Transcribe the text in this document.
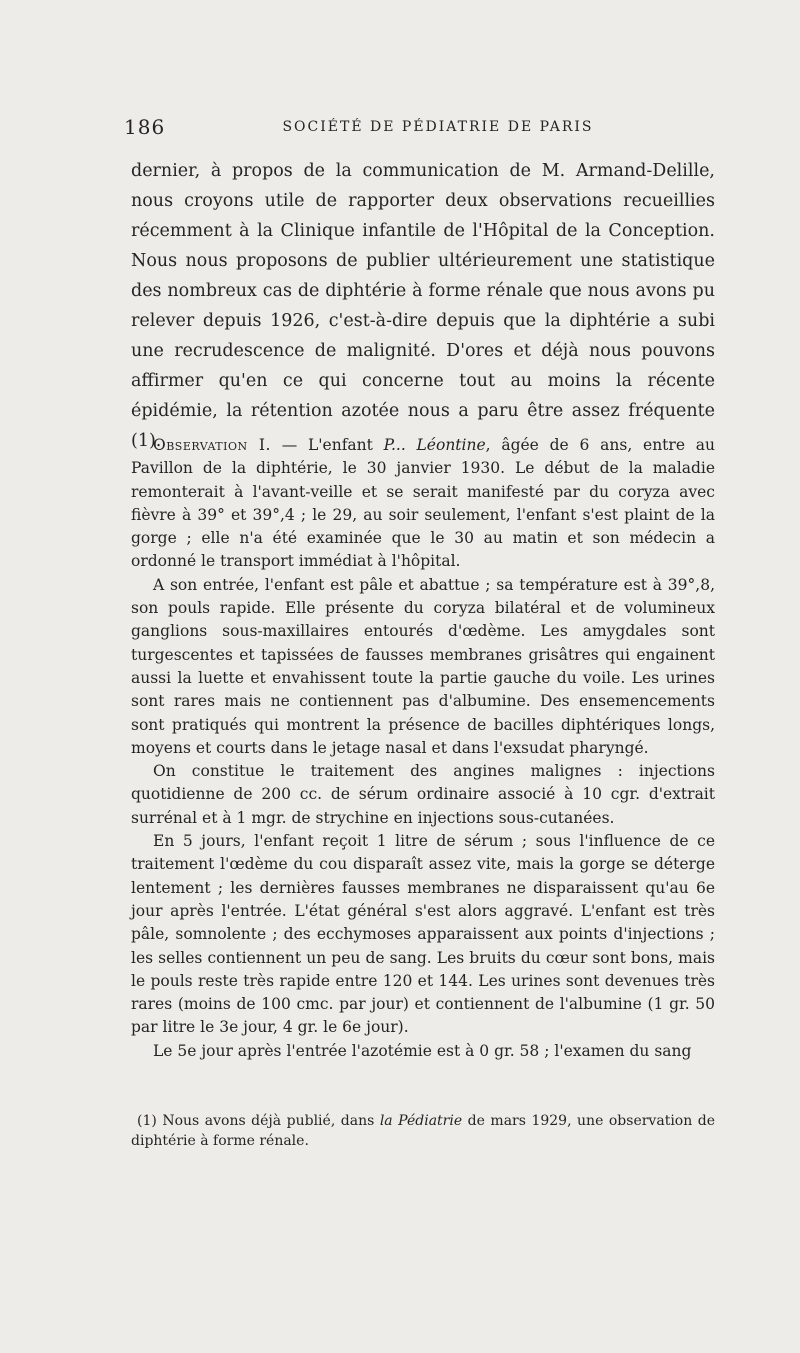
186	SOCIÉTÉ DE PÉDIATRIE DE PARIS

dernier, à propos de la communication de M. Armand-Delille, nous croyons utile de rapporter deux observations recueillies récemment à la Clinique infantile de l'Hôpital de la Conception. Nous nous proposons de publier ultérieurement une statistique des nombreux cas de diphtérie à forme rénale que nous avons pu relever depuis 1926, c'est-à-dire depuis que la diphtérie a subi une recrudescence de malignité. D'ores et déjà nous pouvons affirmer qu'en ce qui concerne tout au moins la récente épidémie, la rétention azotée nous a paru être assez fréquente (1).

Observation I. — L'enfant P... Léontine, âgée de 6 ans, entre au Pavillon de la diphtérie, le 30 janvier 1930. Le début de la maladie remonterait à l'avant-veille et se serait manifesté par du coryza avec fièvre à 39° et 39°,4 ; le 29, au soir seulement, l'enfant s'est plaint de la gorge ; elle n'a été examinée que le 30 au matin et son médecin a ordonné le transport immédiat à l'hôpital.

A son entrée, l'enfant est pâle et abattue ; sa température est à 39°,8, son pouls rapide. Elle présente du coryza bilatéral et de volumineux ganglions sous-maxillaires entourés d'œdème. Les amygdales sont turgescentes et tapissées de fausses membranes grisâtres qui engainent aussi la luette et envahissent toute la partie gauche du voile. Les urines sont rares mais ne contiennent pas d'albumine. Des ensemencements sont pratiqués qui montrent la présence de bacilles diphtériques longs, moyens et courts dans le jetage nasal et dans l'exsudat pharyngé.

On constitue le traitement des angines malignes : injections quotidienne de 200 cc. de sérum ordinaire associé à 10 cgr. d'extrait surrénal et à 1 mgr. de strychine en injections sous-cutanées.

En 5 jours, l'enfant reçoit 1 litre de sérum ; sous l'influence de ce traitement l'œdème du cou disparaît assez vite, mais la gorge se déterge lentement ; les dernières fausses membranes ne disparaissent qu'au 6e jour après l'entrée. L'état général s'est alors aggravé. L'enfant est très pâle, somnolente ; des ecchymoses apparaissent aux points d'injections ; les selles contiennent un peu de sang. Les bruits du cœur sont bons, mais le pouls reste très rapide entre 120 et 144. Les urines sont devenues très rares (moins de 100 cmc. par jour) et contiennent de l'albumine (1 gr. 50 par litre le 3e jour, 4 gr. le 6e jour).

Le 5e jour après l'entrée l'azotémie est à 0 gr. 58 ; l'examen du sang

(1) Nous avons déjà publié, dans la Pédiatrie de mars 1929, une observation de diphtérie à forme rénale.
